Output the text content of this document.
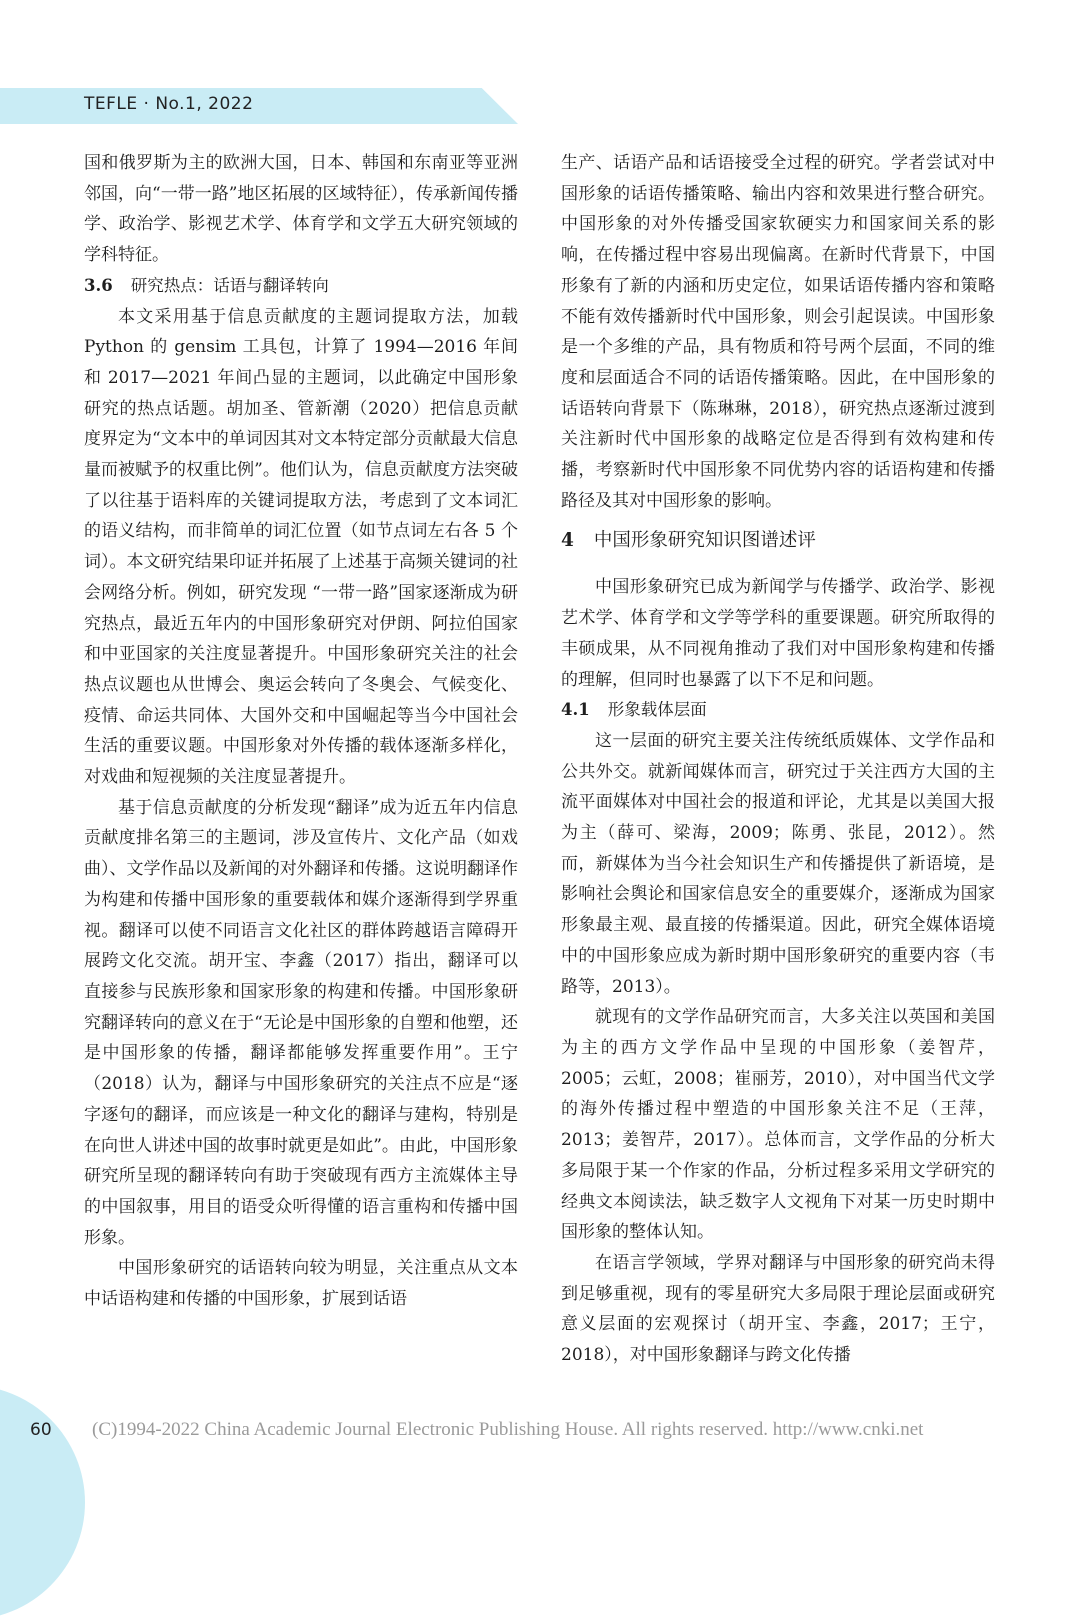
TEFLE · No.1, 2022

国和俄罗斯为主的欧洲大国，日本、韩国和东南亚等亚洲邻国，向“一带一路”地区拓展的区域特征），传承新闻传播学、政治学、影视艺术学、体育学和文学五大研究领域的学科特征。

3.6 研究热点：话语与翻译转向

本文采用基于信息贡献度的主题词提取方法，加载 Python 的 gensim 工具包，计算了 1994—2016 年间和 2017—2021 年间凸显的主题词，以此确定中国形象研究的热点话题。胡加圣、管新潮（2020）把信息贡献度界定为“文本中的单词因其对文本特定部分贡献最大信息量而被赋予的权重比例”。他们认为，信息贡献度方法突破了以往基于语料库的关键词提取方法，考虑到了文本词汇的语义结构，而非简单的词汇位置（如节点词左右各 5 个词）。本文研究结果印证并拓展了上述基于高频关键词的社会网络分析。例如，研究发现 “一带一路”国家逐渐成为研究热点，最近五年内的中国形象研究对伊朗、阿拉伯国家和中亚国家的关注度显著提升。中国形象研究关注的社会热点议题也从世博会、奥运会转向了冬奥会、气候变化、疫情、命运共同体、大国外交和中国崛起等当今中国社会生活的重要议题。中国形象对外传播的载体逐渐多样化，对戏曲和短视频的关注度显著提升。

基于信息贡献度的分析发现“翻译”成为近五年内信息贡献度排名第三的主题词，涉及宣传片、文化产品（如戏曲）、文学作品以及新闻的对外翻译和传播。这说明翻译作为构建和传播中国形象的重要载体和媒介逐渐得到学界重视。翻译可以使不同语言文化社区的群体跨越语言障碍开展跨文化交流。胡开宝、李鑫（2017）指出，翻译可以直接参与民族形象和国家形象的构建和传播。中国形象研究翻译转向的意义在于“无论是中国形象的自塑和他塑，还是中国形象的传播，翻译都能够发挥重要作用”。王宁（2018）认为，翻译与中国形象研究的关注点不应是“逐字逐句的翻译，而应该是一种文化的翻译与建构，特别是在向世人讲述中国的故事时就更是如此”。由此，中国形象研究所呈现的翻译转向有助于突破现有西方主流媒体主导的中国叙事，用目的语受众听得懂的语言重构和传播中国形象。

中国形象研究的话语转向较为明显，关注重点从文本中话语构建和传播的中国形象，扩展到话语

生产、话语产品和话语接受全过程的研究。学者尝试对中国形象的话语传播策略、输出内容和效果进行整合研究。中国形象的对外传播受国家软硬实力和国家间关系的影响，在传播过程中容易出现偏离。在新时代背景下，中国形象有了新的内涵和历史定位，如果话语传播内容和策略不能有效传播新时代中国形象，则会引起误读。中国形象是一个多维的产品，具有物质和符号两个层面，不同的维度和层面适合不同的话语传播策略。因此，在中国形象的话语转向背景下（陈琳琳，2018），研究热点逐渐过渡到关注新时代中国形象的战略定位是否得到有效构建和传播，考察新时代中国形象不同优势内容的话语构建和传播路径及其对中国形象的影响。

4 中国形象研究知识图谱述评

中国形象研究已成为新闻学与传播学、政治学、影视艺术学、体育学和文学等学科的重要课题。研究所取得的丰硕成果，从不同视角推动了我们对中国形象构建和传播的理解，但同时也暴露了以下不足和问题。

4.1 形象载体层面

这一层面的研究主要关注传统纸质媒体、文学作品和公共外交。就新闻媒体而言，研究过于关注西方大国的主流平面媒体对中国社会的报道和评论，尤其是以美国大报为主（薛可、梁海，2009；陈勇、张昆，2012）。然而，新媒体为当今社会知识生产和传播提供了新语境，是影响社会舆论和国家信息安全的重要媒介，逐渐成为国家形象最主观、最直接的传播渠道。因此，研究全媒体语境中的中国形象应成为新时期中国形象研究的重要内容（韦路等，2013）。

就现有的文学作品研究而言，大多关注以英国和美国为主的西方文学作品中呈现的中国形象（姜智芹，2005；云虹，2008；崔丽芳，2010），对中国当代文学的海外传播过程中塑造的中国形象关注不足（王萍，2013；姜智芹，2017）。总体而言，文学作品的分析大多局限于某一个作家的作品，分析过程多采用文学研究的经典文本阅读法，缺乏数字人文视角下对某一历史时期中国形象的整体认知。

在语言学领域，学界对翻译与中国形象的研究尚未得到足够重视，现有的零星研究大多局限于理论层面或研究意义层面的宏观探讨（胡开宝、李鑫，2017；王宁，2018），对中国形象翻译与跨文化传播

60 (C)1994-2022 China Academic Journal Electronic Publishing House. All rights reserved. http://www.cnki.net
